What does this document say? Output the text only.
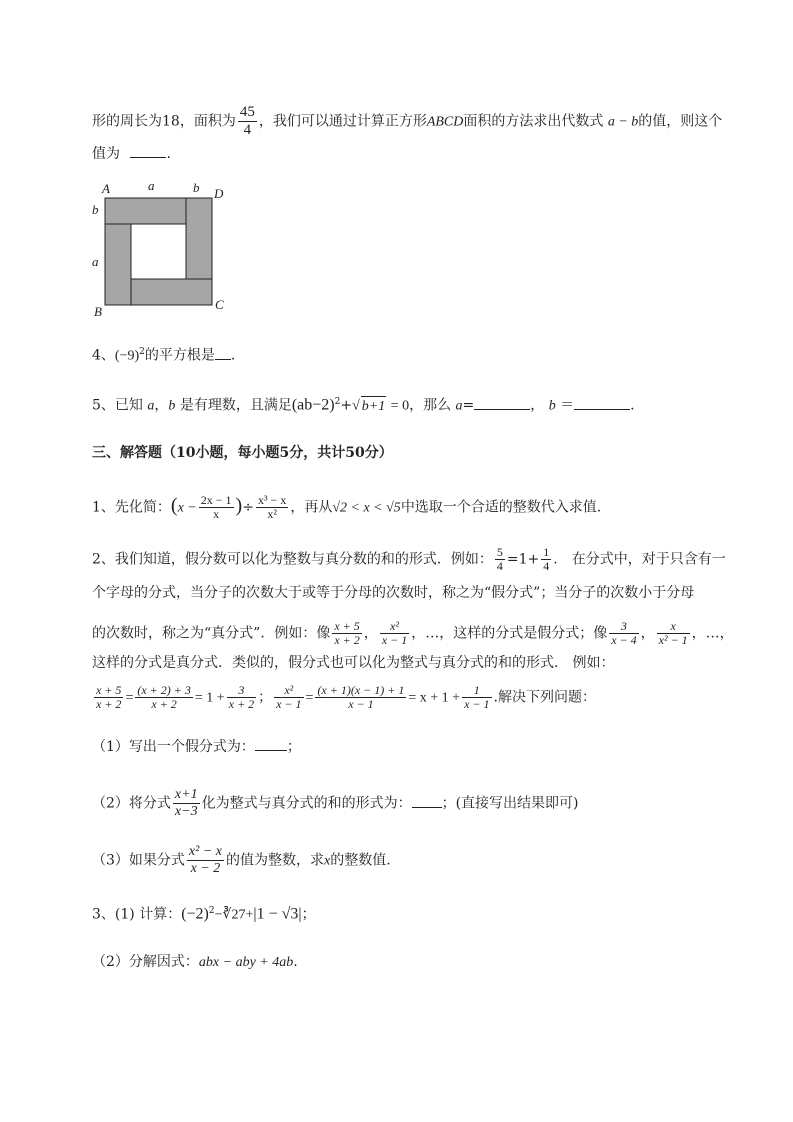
形的周长为18，面积为 $\frac{45}{4}$ ，我们可以通过计算正方形ABCD面积的方法求出代数式 a − b的值，则这个
值为	.
A	a	b D
b
a
B	C
4、$(-9)^2$的平方根是 .
5、已知 a，b 是有理数，且满足$(ab-2)^2+√$ b+1 = 0，那么 a=	， b ＝	.
三、解答题（10小题，每小题5分，共计50分）
1、先化简：($x - \frac{2x - 1}{x}$ )÷ $\frac{\text{x³ − x}}{\text{x²}}$ ，再从√2 < x < √5中选取一个合适的整数代入求值.
2、我们知道，假分数可以化为整数与真分数的和的形式．例如： $\frac{5}{4} =1+ \frac{1}{4}$ .　在分式中，对于只含有一
个字母的分式，当分子的次数大于或等于分母的次数时，称之为“假分式”；当分子的次数小于分母
的次数时，称之为“真分式”．例如：像 $\frac{x + 5}{x + 2}$ ， $\frac{\text{x²}}{x - 1}$ ，…，这样的分式是假分式；像 $\frac{3}{x - 4}$ ， $\frac{x}{\text{x² − 1}}$ ，…，
这样的分式是真分式．类似的，假分式也可以化为整式与真分式的和的形式． 例如：
$\frac{x + 5}{x + 2} = \frac{(x + 2) + 3}{x + 2} = 1 + \frac{3}{x + 2}$ ； $\frac{\text{x²}}{x - 1} = \frac{(x + 1)(x - 1) + 1}{x - 1} = x + 1 + \frac{1}{x - 1}$ .解决下列问题：
（1）写出一个假分式为： ；
（2）将分式 $\frac{x+1}{x-3}$ 化为整式与真分式的和的形式为： ；(直接写出结果即可)
（3）如果分式 $\frac{\text{x² − x}}{x - 2}$ 的值为整数，求x的整数值.
3、(1) 计算：$(-2)^2-∛27+|1 - √3|$；
（2）分解因式：abx − aby + 4ab.
